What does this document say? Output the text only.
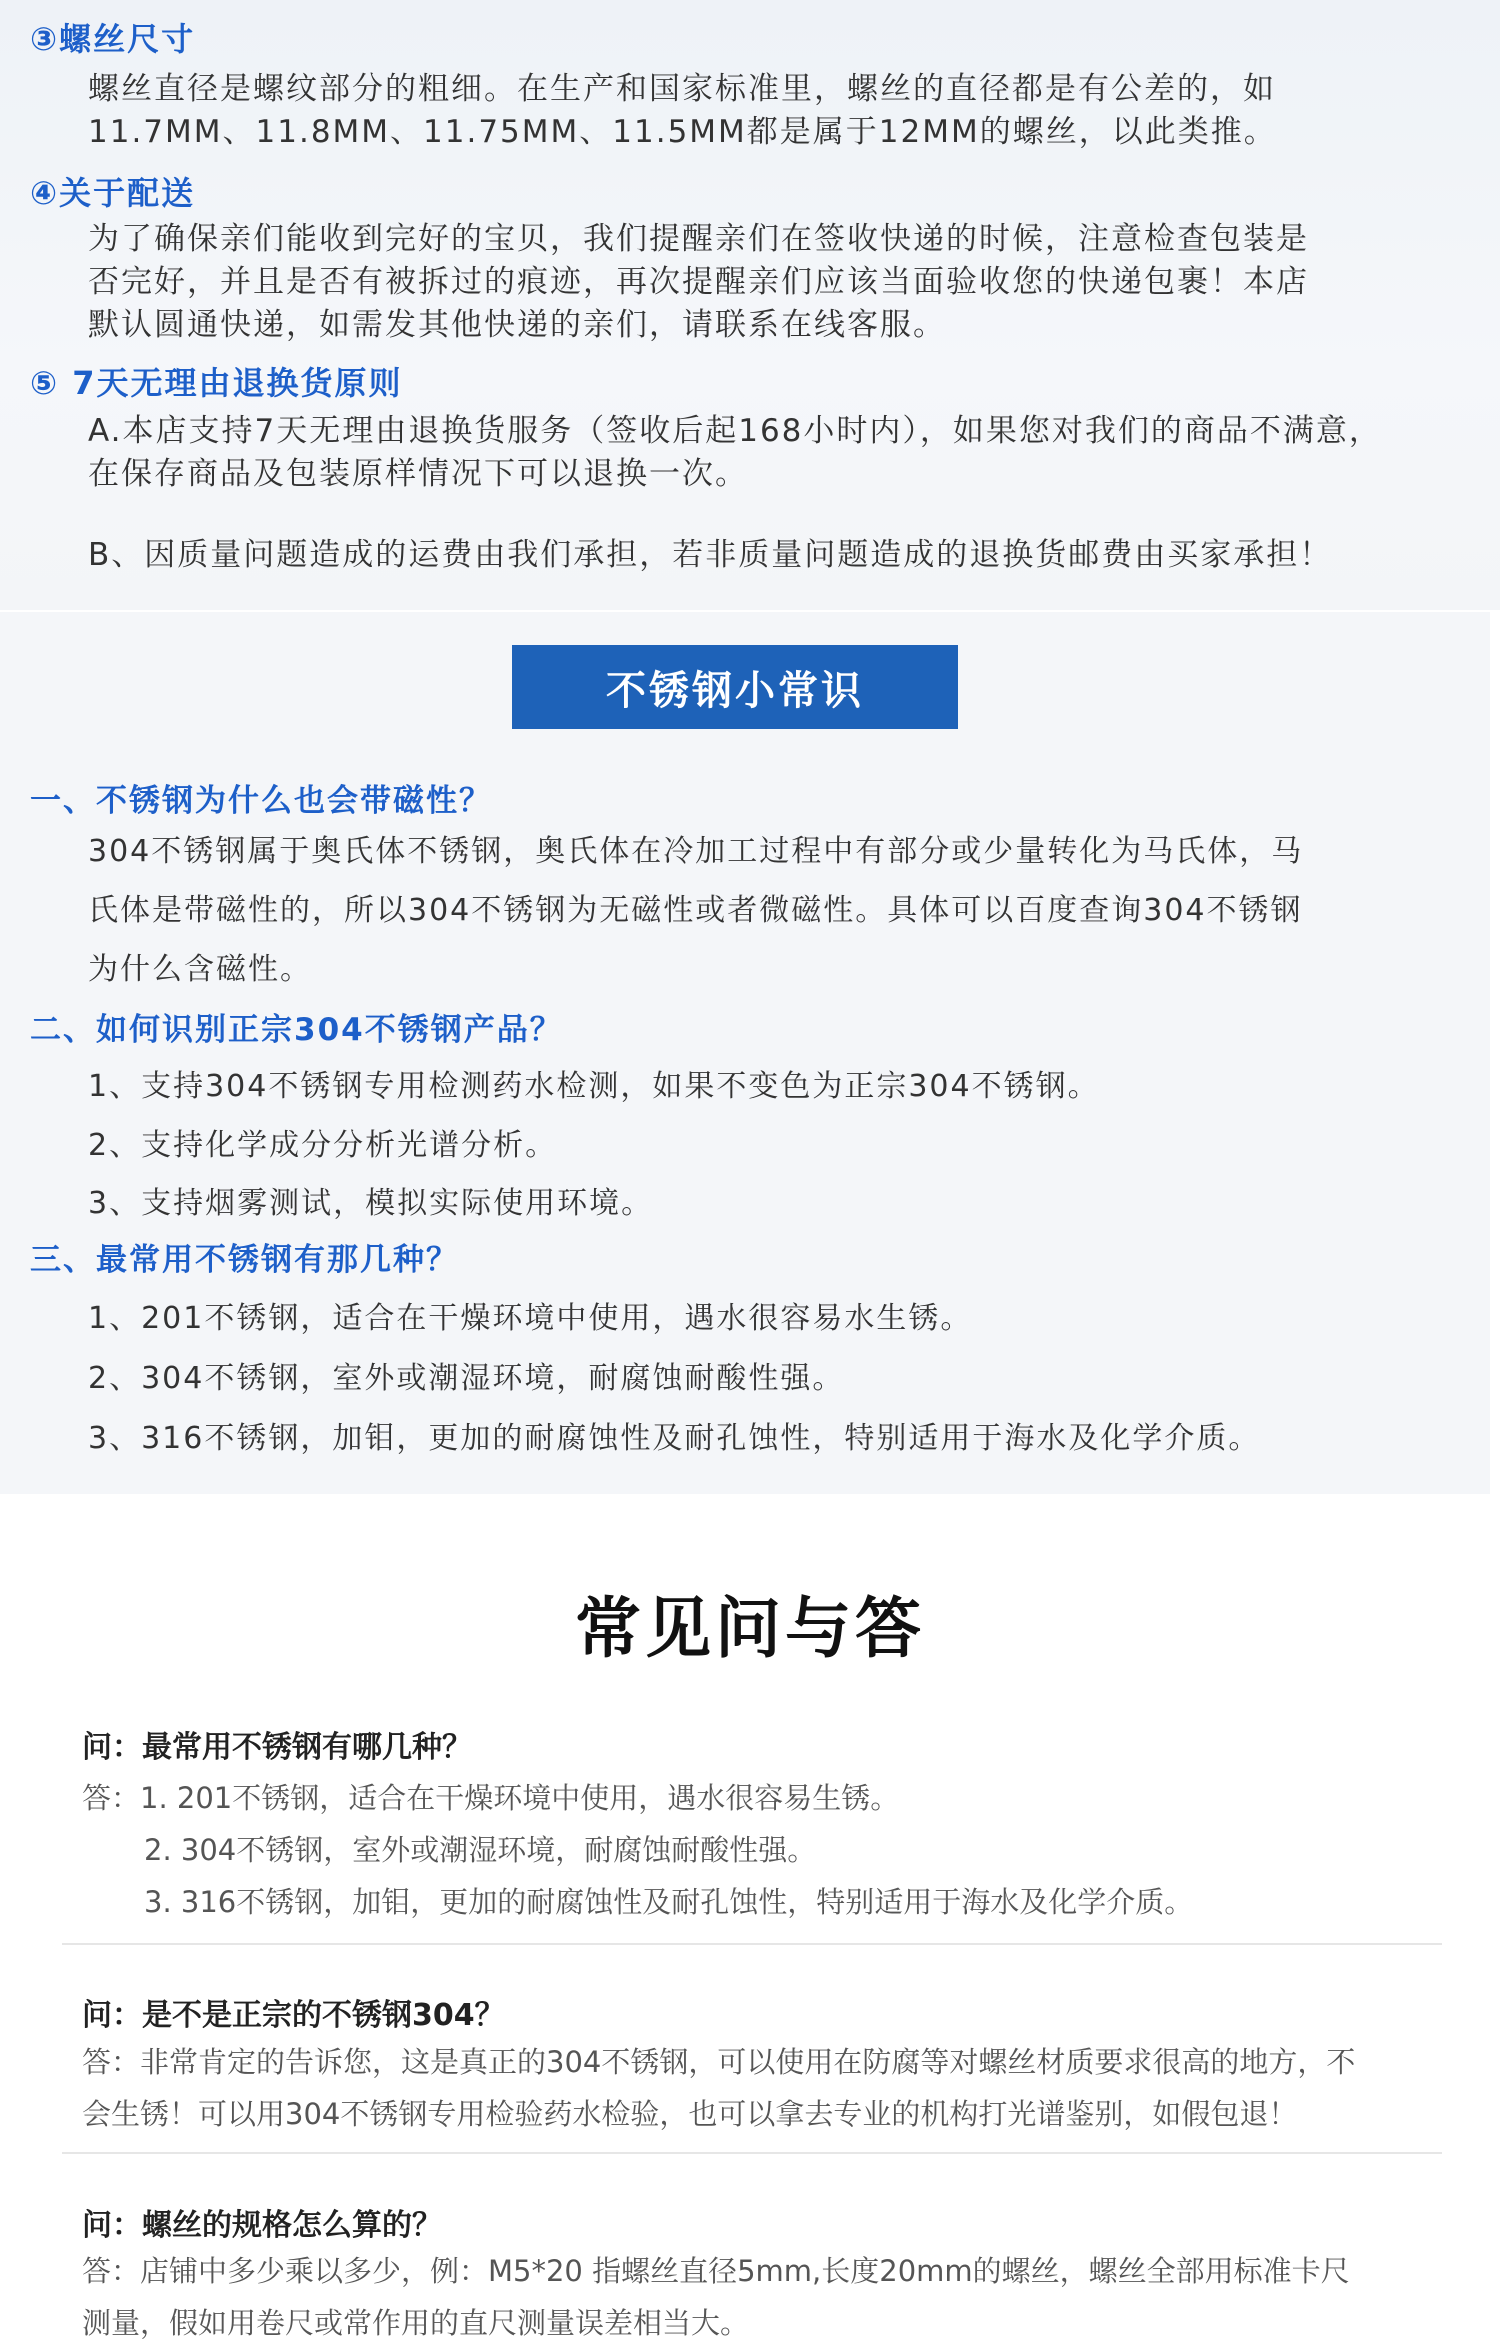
③螺丝尺寸
螺丝直径是螺纹部分的粗细。在生产和国家标准里，螺丝的直径都是有公差的，如
11.7MM、11.8MM、11.75MM、11.5MM都是属于12MM的螺丝，以此类推。
④关于配送
为了确保亲们能收到完好的宝贝，我们提醒亲们在签收快递的时候，注意检查包装是
否完好，并且是否有被拆过的痕迹，再次提醒亲们应该当面验收您的快递包裹！本店
默认圆通快递，如需发其他快递的亲们，请联系在线客服。
⑤ 7天无理由退换货原则
A.本店支持7天无理由退换货服务（签收后起168小时内），如果您对我们的商品不满意，
在保存商品及包装原样情况下可以退换一次。
B、因质量问题造成的运费由我们承担，若非质量问题造成的退换货邮费由买家承担！
不锈钢小常识
一、不锈钢为什么也会带磁性？
304不锈钢属于奥氏体不锈钢，奥氏体在冷加工过程中有部分或少量转化为马氏体，马
氏体是带磁性的，所以304不锈钢为无磁性或者微磁性。具体可以百度查询304不锈钢
为什么含磁性。
二、如何识别正宗304不锈钢产品？
1、支持304不锈钢专用检测药水检测，如果不变色为正宗304不锈钢。
2、支持化学成分分析光谱分析。
3、支持烟雾测试，模拟实际使用环境。
三、最常用不锈钢有那几种？
1、201不锈钢，适合在干燥环境中使用，遇水很容易水生锈。
2、304不锈钢，室外或潮湿环境，耐腐蚀耐酸性强。
3、316不锈钢，加钼，更加的耐腐蚀性及耐孔蚀性，特别适用于海水及化学介质。
常见问与答
问：最常用不锈钢有哪几种？
答：1. 201不锈钢，适合在干燥环境中使用，遇水很容易生锈。
2. 304不锈钢，室外或潮湿环境，耐腐蚀耐酸性强。
3. 316不锈钢，加钼，更加的耐腐蚀性及耐孔蚀性，特别适用于海水及化学介质。
问：是不是正宗的不锈钢304？
答：非常肯定的告诉您，这是真正的304不锈钢，可以使用在防腐等对螺丝材质要求很高的地方，不
会生锈！可以用304不锈钢专用检验药水检验，也可以拿去专业的机构打光谱鉴别，如假包退！
问：螺丝的规格怎么算的？
答：店铺中多少乘以多少，例：M5*20 指螺丝直径5mm,长度20mm的螺丝，螺丝全部用标准卡尺
测量，假如用卷尺或常作用的直尺测量误差相当大。
